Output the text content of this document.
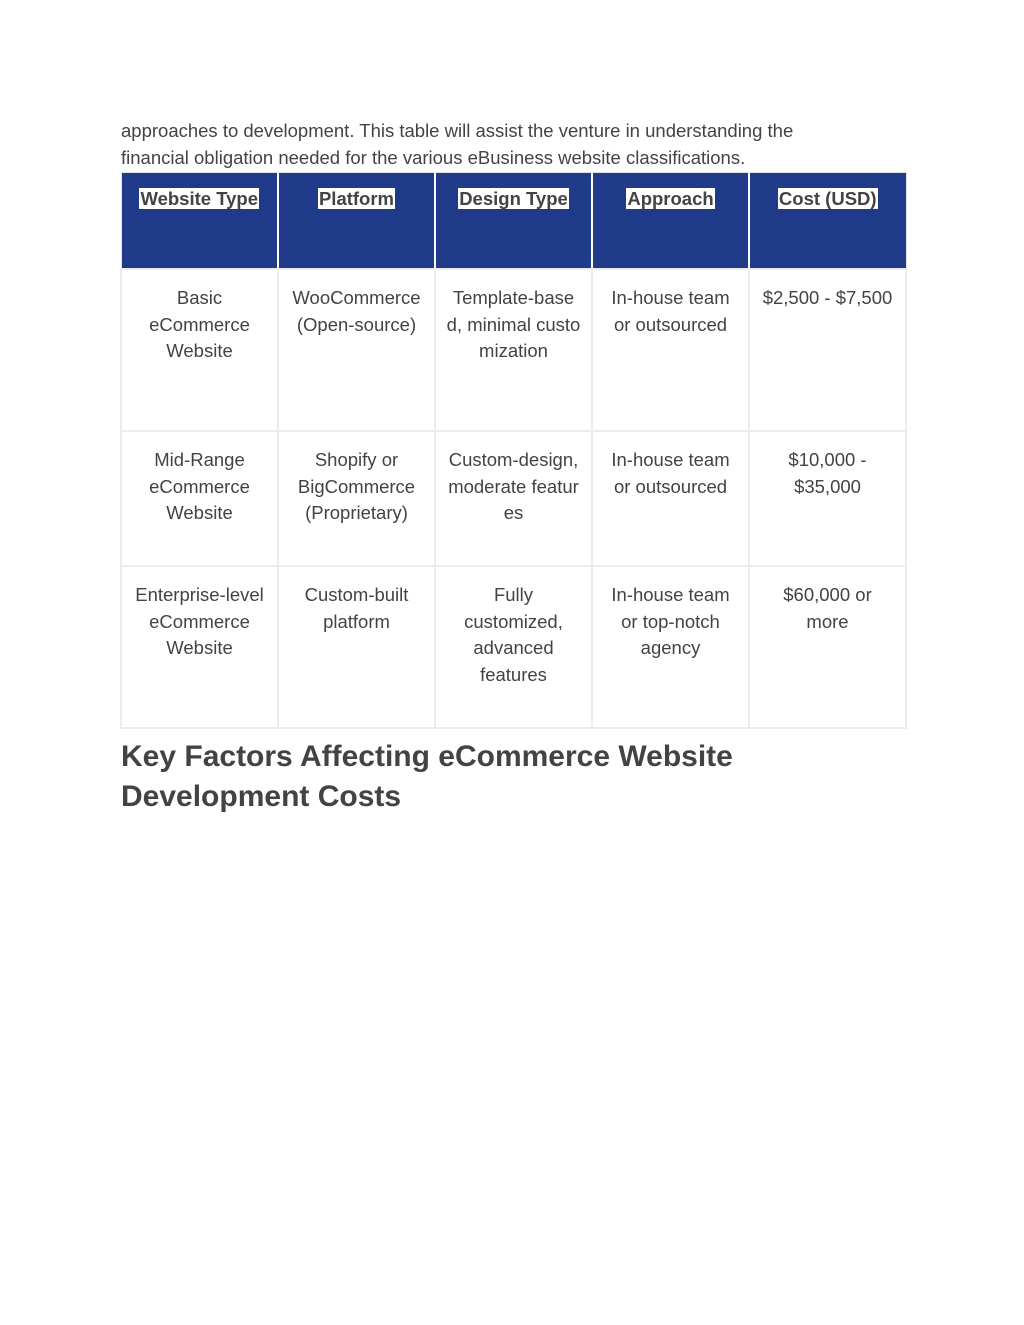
approaches to development. This table will assist the venture in understanding the
financial obligation needed for the various eBusiness website classifications.

Website Type	Platform	Design Type	Approach	Cost (USD)
Basic eCommerce Website	WooCommerce (Open-source)	Template-based, minimal customization	In-house team or outsourced	$2,500 - $7,500
Mid-Range eCommerce Website	Shopify or BigCommerce (Proprietary)	Custom-design, moderate features	In-house team or outsourced	$10,000 - $35,000
Enterprise-level eCommerce Website	Custom-built platform	Fully customized, advanced features	In-house team or top-notch agency	$60,000 or more
Key Factors Affecting eCommerce Website Development Costs
